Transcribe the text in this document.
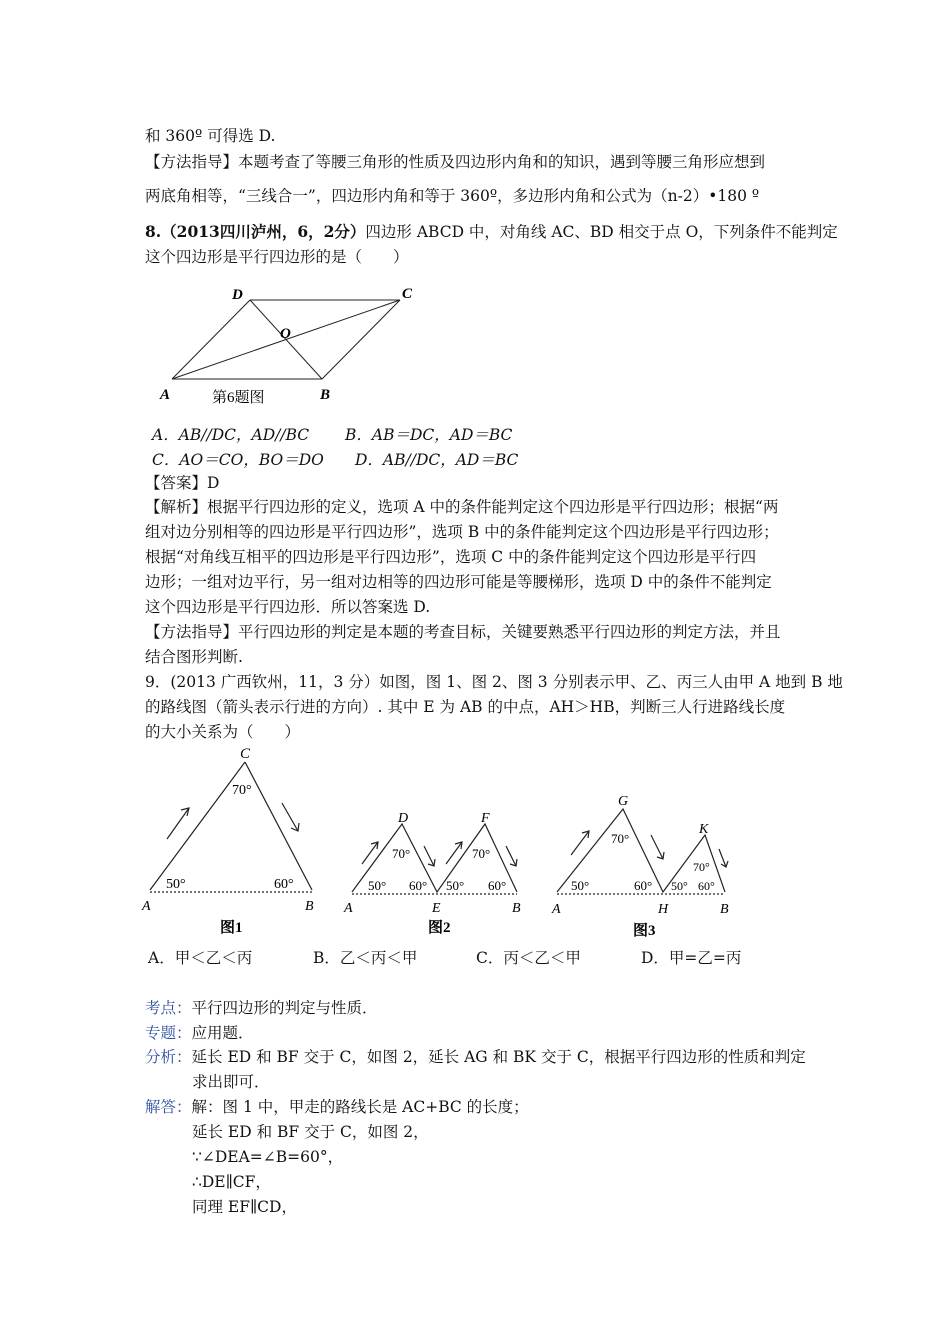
和 360º 可得选 D.
【方法指导】本题考查了等腰三角形的性质及四边形内角和的知识，遇到等腰三角形应想到
两底角相等，“三线合一”，四边形内角和等于 360º，多边形内角和公式为（n-2）•180 º
8.（2013四川泸州，6，2分）四边形 ABCD 中，对角线 AC、BD 相交于点 O，下列条件不能判定
这个四边形是平行四边形的是（　　）
D	C
O
A	B
第6题图
A．AB//DC，AD//BC B．AB＝DC，AD＝BC
C．AO＝CO，BO＝DO D．AB//DC，AD＝BC
【答案】D
【解析】根据平行四边形的定义，选项 A 中的条件能判定这个四边形是平行四边形；根据“两
组对边分别相等的四边形是平行四边形”，选项 B 中的条件能判定这个四边形是平行四边形；
根据“对角线互相平的四边形是平行四边形”，选项 C 中的条件能判定这个四边形是平行四
边形；一组对边平行，另一组对边相等的四边形可能是等腰梯形，选项 D 中的条件不能判定
这个四边形是平行四边形．所以答案选 D.
【方法指导】平行四边形的判定是本题的考查目标，关键要熟悉平行四边形的判定方法，并且
结合图形判断.
9．(2013 广西钦州，11，3 分）如图，图 1、图 2、图 3 分别表示甲、乙、丙三人由甲 A 地到 B 地
的路线图（箭头表示行进的方向）. 其中 E 为 AB 的中点，AH＞HB，判断三人行进路线长度
的大小关系为（　　）
C
70°
50°	60°
A	B
图1
D	F
70°
50° 60°
70°
50° 60°
A	E	B
图2
G
K
70°
50°	60°
70°
50° 60°
A	H	B
图3
A．甲＜乙＜丙	B．乙＜丙＜甲	C．丙＜乙＜甲	D．甲=乙=丙
考点：平行四边形的判定与性质．
专题：应用题．
分析：延长 ED 和 BF 交于 C，如图 2，延长 AG 和 BK 交于 C，根据平行四边形的性质和判定
求出即可．
解答：解：图 1 中，甲走的路线长是 AC+BC 的长度；
延长 ED 和 BF 交于 C，如图 2，
∵∠DEA=∠B=60°，
∴DE∥CF，
同理 EF∥CD，
